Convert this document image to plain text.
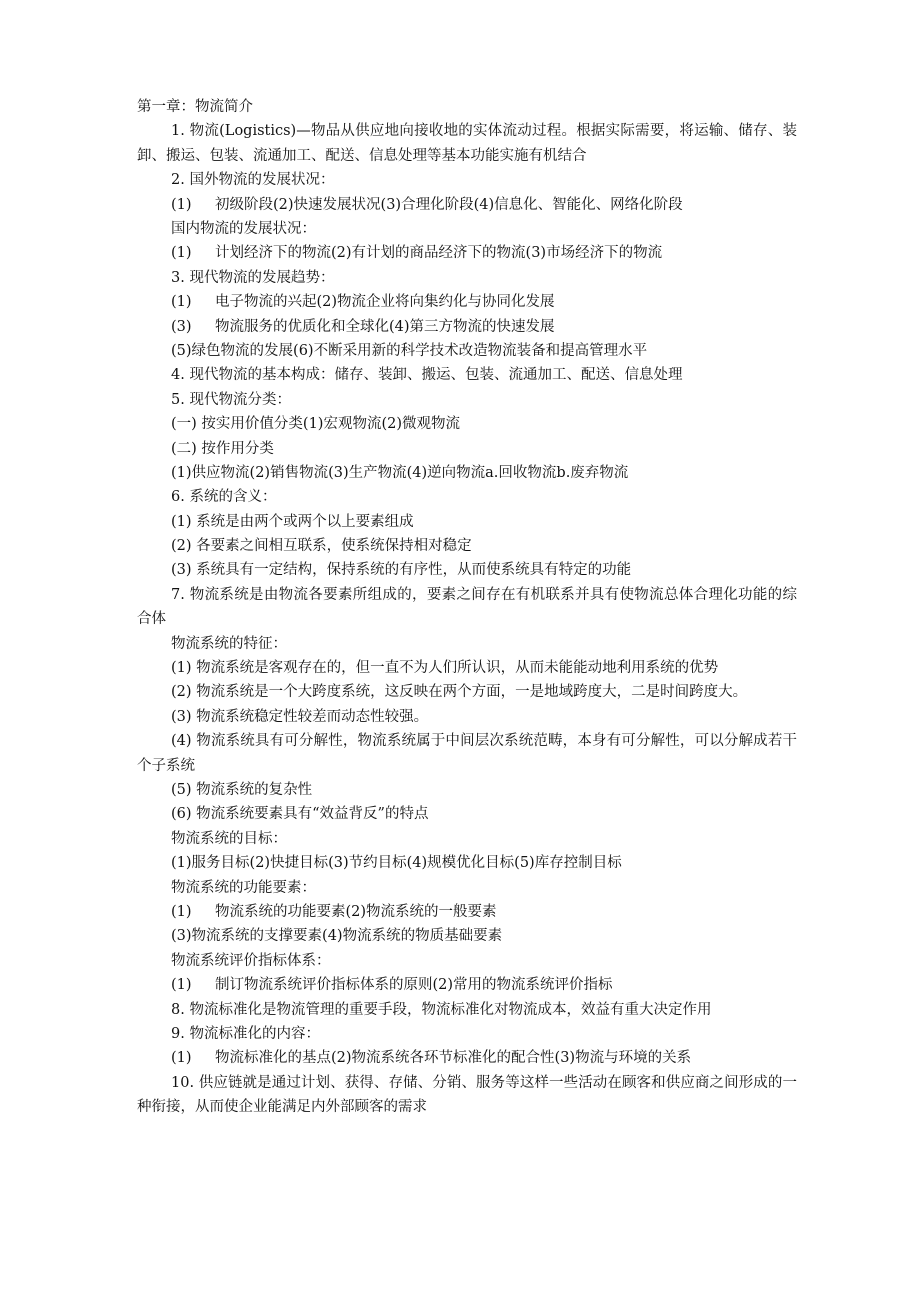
第一章：物流简介
1. 物流(Logistics)—物品从供应地向接收地的实体流动过程。根据实际需要，将运输、储存、装卸、搬运、包装、流通加工、配送、信息处理等基本功能实施有机结合
2. 国外物流的发展状况：
(1) 初级阶段(2)快速发展状况(3)合理化阶段(4)信息化、智能化、网络化阶段
国内物流的发展状况：
(1) 计划经济下的物流(2)有计划的商品经济下的物流(3)市场经济下的物流
3. 现代物流的发展趋势：
(1) 电子物流的兴起(2)物流企业将向集约化与协同化发展
(3) 物流服务的优质化和全球化(4)第三方物流的快速发展
(5)绿色物流的发展(6)不断采用新的科学技术改造物流装备和提高管理水平
4. 现代物流的基本构成：储存、装卸、搬运、包装、流通加工、配送、信息处理
5. 现代物流分类：
(一) 按实用价值分类(1)宏观物流(2)微观物流
(二) 按作用分类
(1)供应物流(2)销售物流(3)生产物流(4)逆向物流a.回收物流b.废弃物流
6. 系统的含义：
(1) 系统是由两个或两个以上要素组成
(2) 各要素之间相互联系，使系统保持相对稳定
(3) 系统具有一定结构，保持系统的有序性，从而使系统具有特定的功能
7. 物流系统是由物流各要素所组成的，要素之间存在有机联系并具有使物流总体合理化功能的综合体
物流系统的特征：
(1) 物流系统是客观存在的，但一直不为人们所认识，从而未能能动地利用系统的优势
(2) 物流系统是一个大跨度系统，这反映在两个方面，一是地域跨度大，二是时间跨度大。
(3) 物流系统稳定性较差而动态性较强。
(4) 物流系统具有可分解性，物流系统属于中间层次系统范畴，本身有可分解性，可以分解成若干个子系统
(5) 物流系统的复杂性
(6) 物流系统要素具有“效益背反”的特点
物流系统的目标：
(1)服务目标(2)快捷目标(3)节约目标(4)规模优化目标(5)库存控制目标
物流系统的功能要素：
(1) 物流系统的功能要素(2)物流系统的一般要素
(3)物流系统的支撑要素(4)物流系统的物质基础要素
物流系统评价指标体系：
(1) 制订物流系统评价指标体系的原则(2)常用的物流系统评价指标
8. 物流标准化是物流管理的重要手段，物流标准化对物流成本，效益有重大决定作用
9. 物流标准化的内容：
(1) 物流标准化的基点(2)物流系统各环节标准化的配合性(3)物流与环境的关系
10. 供应链就是通过计划、获得、存储、分销、服务等这样一些活动在顾客和供应商之间形成的一种衔接，从而使企业能满足内外部顾客的需求
